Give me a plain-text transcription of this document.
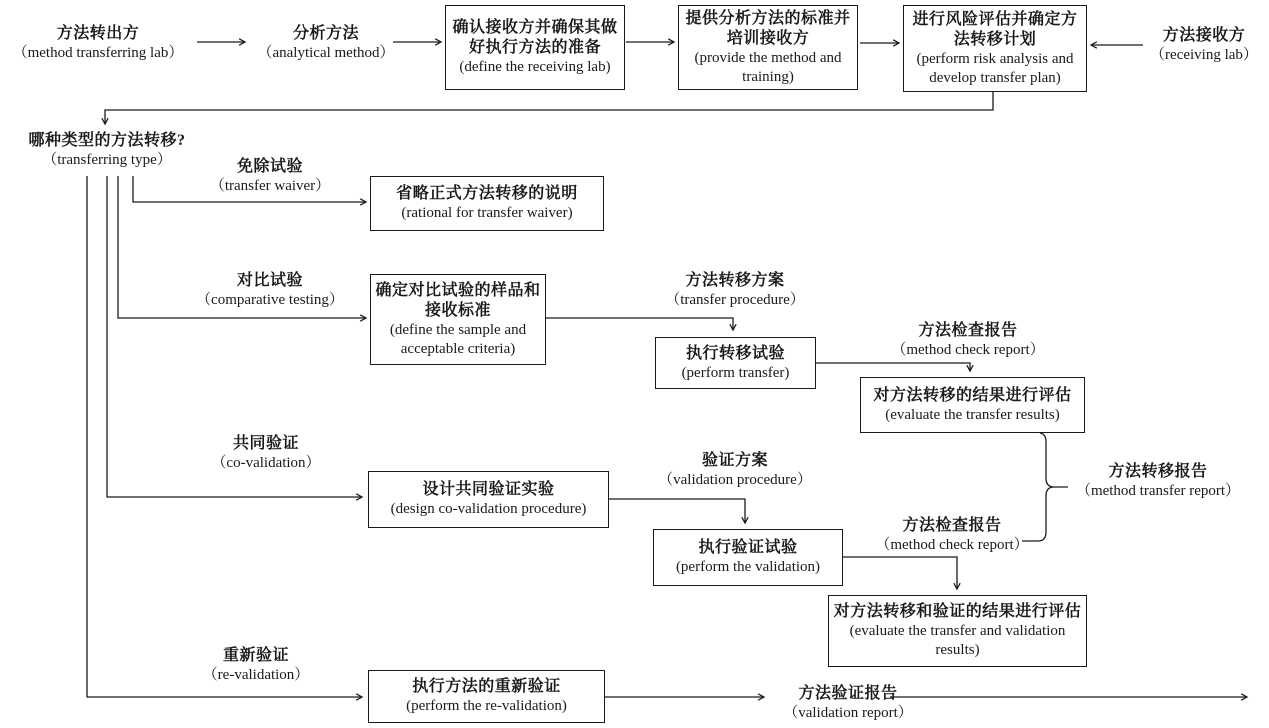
方法转出方
（method transferring lab）
分析方法
（analytical method）
方法接收方
（receiving lab）
哪种类型的方法转移?
（transferring type）	免除试验
（transfer waiver）
对比试验
（comparative testing）
方法转移方案
（transfer procedure）
方法检查报告
（method check report）
共同验证
（co-validation）	验证方案
（validation procedure）	方法转移报告
（method transfer report）
方法检查报告
（method check report）
重新验证
（re-validation）
方法验证报告
（validation report）
确认接收方并确保其做好执行方法的准备
(define the receiving lab)
提供分析方法的标准并培训接收方
(provide the method and training)
进行风险评估并确定方法转移计划
(perform risk analysis and develop transfer plan)
省略正式方法转移的说明
(rational for transfer waiver)
确定对比试验的样品和接收标准
(define the sample and acceptable criteria)	执行转移试验
(perform transfer)
对方法转移的结果进行评估
(evaluate the transfer results)
设计共同验证实验
(design co-validation procedure)
执行验证试验
(perform the validation)
对方法转移和验证的结果进行评估
(evaluate the transfer and validation results)
执行方法的重新验证
(perform the re-validation)
